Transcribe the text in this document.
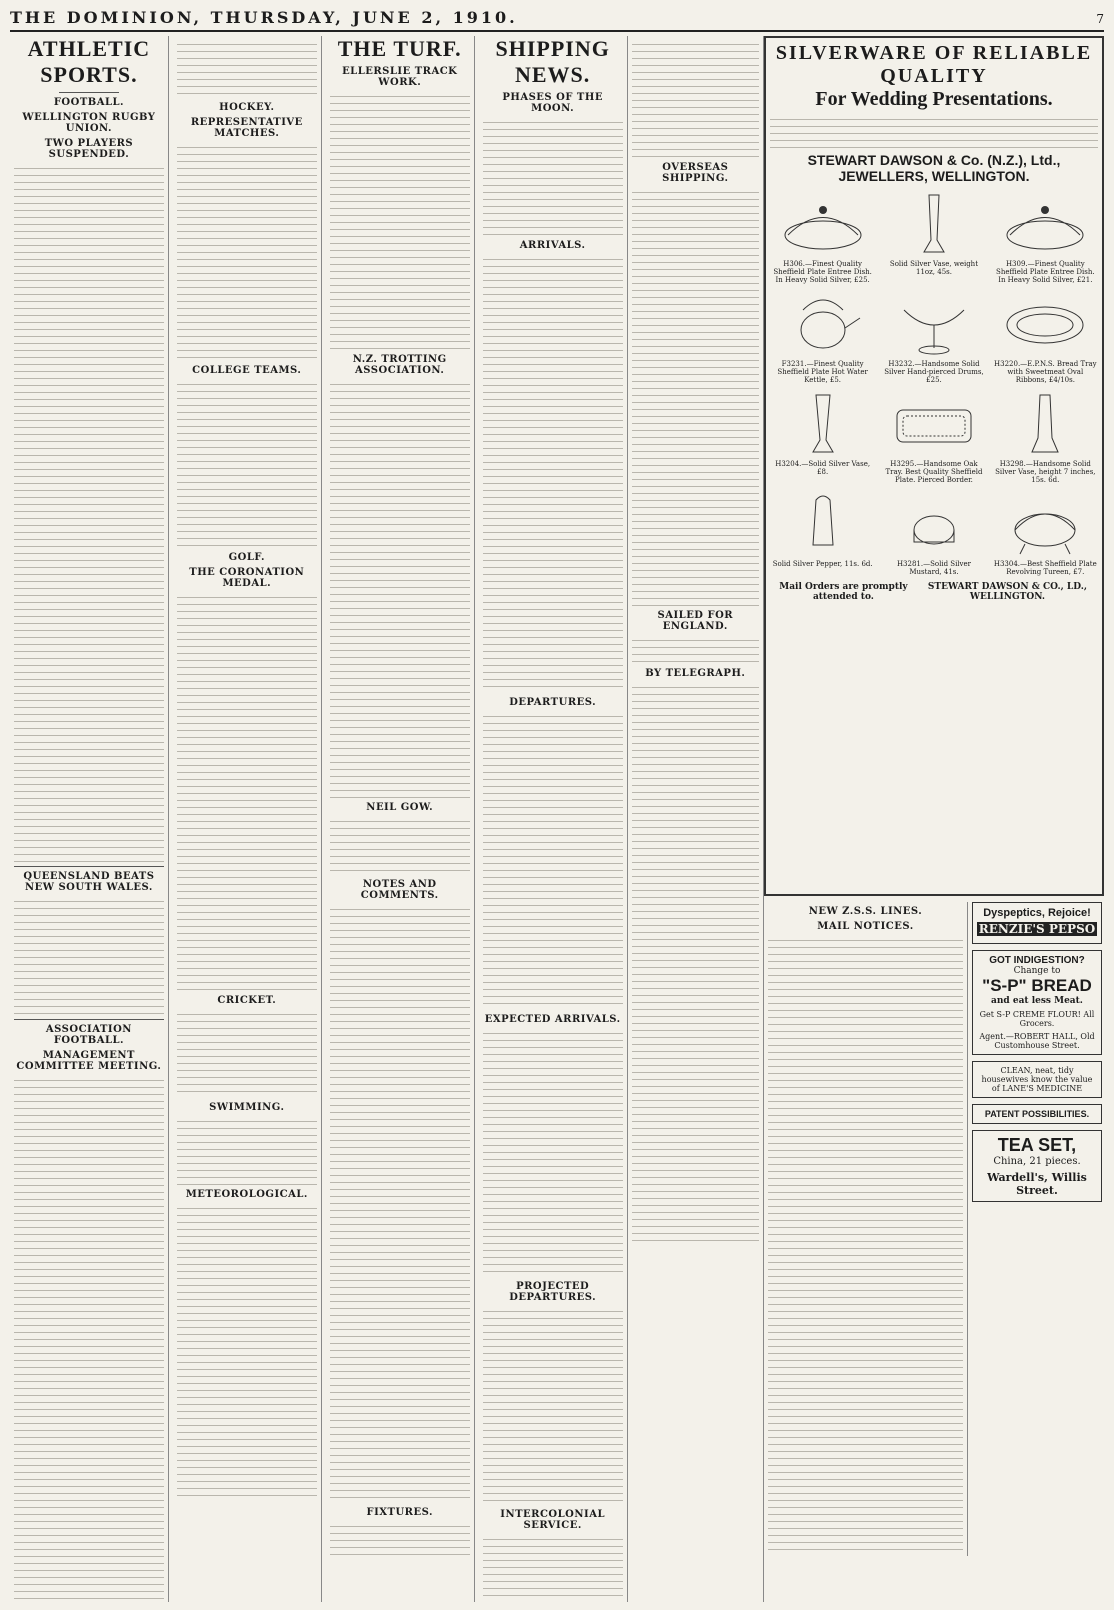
THE DOMINION, THURSDAY, JUNE 2, 1910.	7
ATHLETIC SPORTS.
FOOTBALL.
WELLINGTON RUGBY UNION.
TWO PLAYERS SUSPENDED.
QUEENSLAND BEATS NEW SOUTH WALES.
ASSOCIATION FOOTBALL.
MANAGEMENT COMMITTEE MEETING.
HOCKEY.
REPRESENTATIVE MATCHES.
COLLEGE TEAMS.
GOLF.
THE CORONATION MEDAL.
CRICKET.
SWIMMING.
METEOROLOGICAL.
THE TURF.
ELLERSLIE TRACK WORK.
N.Z. TROTTING ASSOCIATION.
NEIL GOW.
NOTES AND COMMENTS.
FIXTURES.
SHIPPING NEWS.
PHASES OF THE MOON.
ARRIVALS.
DEPARTURES.
EXPECTED ARRIVALS.
PROJECTED DEPARTURES.
INTERCOLONIAL SERVICE.
OVERSEAS SHIPPING.
SAILED FOR ENGLAND.
BY TELEGRAPH.
SILVERWARE OF RELIABLE QUALITY
For Wedding Presentations.
STEWART DAWSON & Co. (N.Z.), Ltd., JEWELLERS, WELLINGTON.
H306.—Finest Quality Sheffield Plate Entree Dish. In Heavy Solid Silver, £25.
Solid Silver Vase, weight 11oz, 45s.
H309.—Finest Quality Sheffield Plate Entree Dish. In Heavy Solid Silver, £21.
F3231.—Finest Quality Sheffield Plate Hot Water Kettle, £5.
H3232.—Handsome Solid Silver Hand-pierced Drums, £25.
H3220.—E.P.N.S. Bread Tray with Sweetmeat Oval Ribbons, £4/10s.
H3204.—Solid Silver Vase, £8.
H3295.—Handsome Oak Tray. Best Quality Sheffield Plate. Pierced Border.
H3298.—Handsome Solid Silver Vase, height 7 inches, 15s. 6d.
Solid Silver Pepper, 11s. 6d.	H3281.—Solid Silver Mustard, 41s.
H3304.—Best Sheffield Plate Revolving Tureen, £7.
Mail Orders are promptly attended to.
STEWART DAWSON & CO., LD., WELLINGTON.
NEW Z.S.S. LINES.
MAIL NOTICES.
Dyspeptics, Rejoice!
RENZIE'S PEPSO
GOT INDIGESTION?
Change to
"S-P" BREAD
and eat less Meat.
Get S-P CREME FLOUR! All Grocers.
Agent.—ROBERT HALL, Old Customhouse Street.
CLEAN, neat, tidy housewives know the value of LANE'S MEDICINE
PATENT POSSIBILITIES.
TEA SET,
China, 21 pieces.
Wardell's, Willis Street.
